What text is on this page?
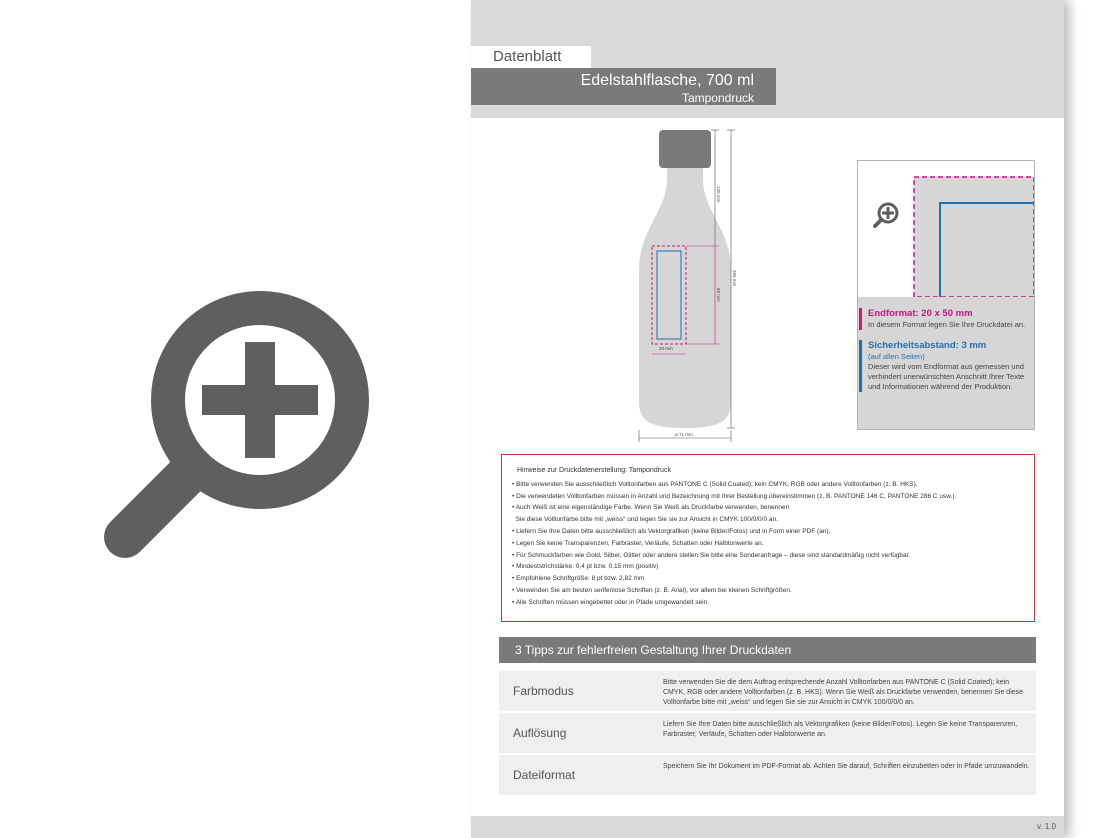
Datenblatt
Edelstahlflasche, 700 ml
Tampondruck
120 mm
265 mm
50 mm
20 mm
ø 71 mm
Endformat: 20 x 50 mm
In diesem Format legen Sie Ihre Druckdatei an.
Sicherheitsabstand: 3 mm
(auf allen Seiten)
Dieser wird vom Endformat aus gemessen und verhindert unerwünschten Anschnitt Ihrer Texte und Informationen während der Produktion.
Hinweise zur Druckdatenerstellung: Tampondruck
• Bitte verwenden Sie ausschließlich Volltonfarben aus PANTONE C (Solid Coated); kein CMYK, RGB oder andere Volltonfarben (z. B. HKS).
• Die verwendeten Volltonfarben müssen in Anzahl und Bezeichnung mit Ihrer Bestellung übereinstimmen (z. B. PANTONE 146 C, PANTONE 286 C usw.).
• Auch Weiß ist eine eigenständige Farbe. Wenn Sie Weiß als Druckfarbe verwenden, benennen
Sie diese Volltonfarbe bitte mit „weiss“ und legen Sie sie zur Ansicht in CMYK 100/0/0/0 an.
• Liefern Sie Ihre Daten bitte ausschließlich als Vektorgrafiken (keine Bilder/Fotos) und in Form einer PDF (an).
• Legen Sie keine Transparenzen, Farbraster, Verläufe, Schatten oder Halbtonwerte an.
• Für Schmuckfarben wie Gold, Silber, Glitter oder andere stellen Sie bitte eine Sonderanfrage – diese sind standardmäßig nicht verfügbar.
• Mindeststrichstärke: 0,4 pt bzw. 0,15 mm (positiv)
• Empfohlene Schriftgröße: 8 pt bzw. 2,82 mm
• Verwenden Sie am besten serifenlose Schriften (z. B. Arial), vor allem bei kleinen Schriftgrößen.
• Alle Schriften müssen eingebettet oder in Pfade umgewandelt sein.
3 Tipps zur fehlerfreien Gestaltung Ihrer Druckdaten
Farbmodus
Bitte verwenden Sie die dem Auftrag entsprechende Anzahl Volltonfarben aus PANTONE C (Solid Coated); kein CMYK, RGB oder andere Volltonfarben (z. B. HKS). Wenn Sie Weiß als Druckfarbe verwenden, benennen Sie diese Volltonfarbe bitte mit „weiss“ und legen Sie sie zur Ansicht in CMYK 100/0/0/0 an.
Auflösung
Liefern Sie Ihre Daten bitte ausschließlich als Vektorgrafiken (keine Bilder/Fotos). Legen Sie keine Transparenzen, Farbraster, Verläufe, Schatten oder Halbtonwerte an.
Dateiformat
Speichern Sie Ihr Dokument im PDF-Format ab. Achten Sie darauf, Schriften einzubetten oder in Pfade umzuwandeln.
v. 1.0
